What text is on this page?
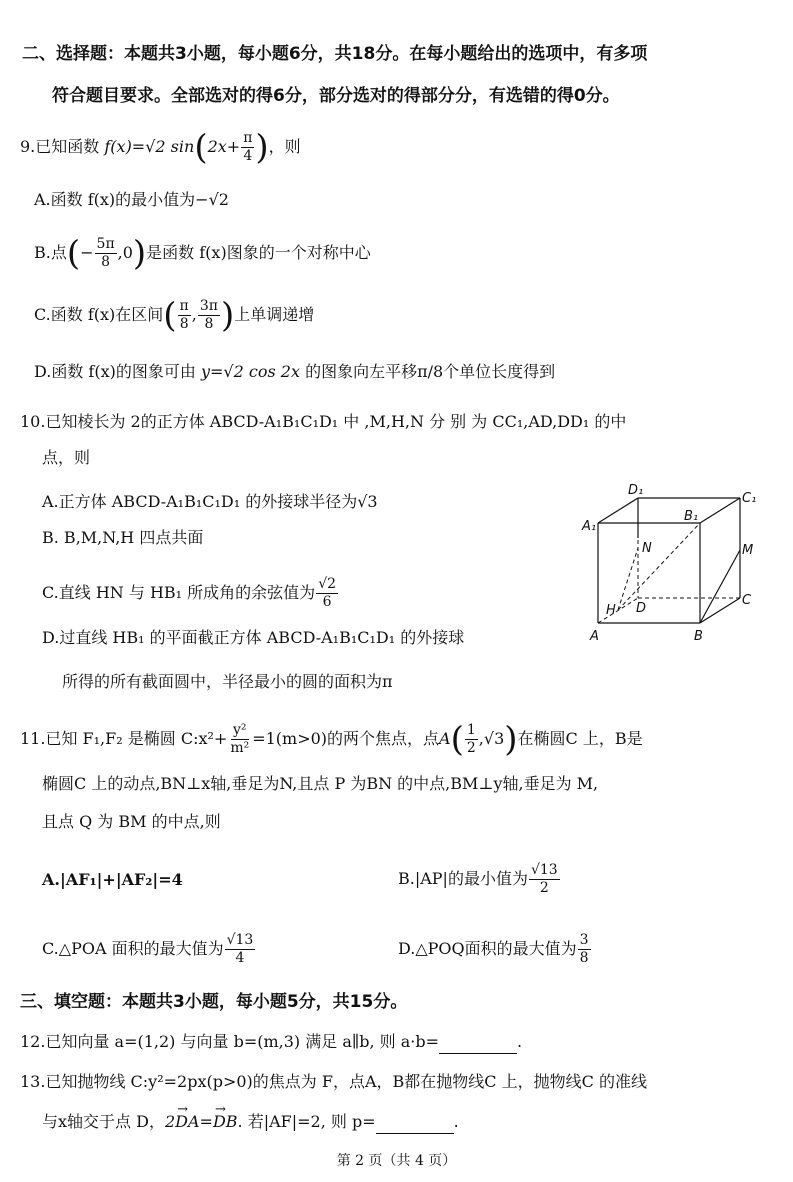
二、选择题：本题共3小题，每小题6分，共18分。在每小题给出的选项中，有多项
符合题目要求。全部选对的得6分，部分选对的得部分分，有选错的得0分。
9.已知函数 f(x)=√2 $\sin(2x+ \frac{\pi}{4}$ )，则
A.函数 f(x)的最小值为−√2
B.点(− $\frac{5\pi}{8} ,0$)是函数 f(x)图象的一个对称中心
C.函数 f(x)在区间( $\frac{\pi}{8}$ , $\frac{3\pi}{8}$ )上单调递增
D.函数 f(x)的图象可由 y=√2 cos 2x 的图象向左平移π/8个单位长度得到
10.已知棱长为 2的正方体 ABCD-A₁B₁C₁D₁ 中 ,M,H,N 分 别 为 CC₁,AD,DD₁ 的中
点，则
A.正方体 ABCD-A₁B₁C₁D₁ 的外接球半径为√3
B. B,M,N,H 四点共面
C.直线 HN 与 HB₁ 所成角的余弦值为 $\frac{√2}{6}$
D.过直线 HB₁ 的平面截正方体 ABCD-A₁B₁C₁D₁ 的外接球
所得的所有截面圆中，半径最小的圆的面积为π
D₁
C₁
A₁
B₁
M
N
C
H D
A	B
11.已知 F₁,F₂ 是椭圆 C:x²+ $\frac{\text{y²}}{\text{m²}} =1(m>0)$的两个焦点，点$A( \frac{1}{2} ,√3)$在椭圆C 上，B是
椭圆C 上的动点,BN⊥x轴,垂足为N,且点 P 为BN 的中点,BM⊥y轴,垂足为 M,
且点 Q 为 BM 的中点,则
A.|AF₁|+|AF₂|=4	B.|AP|的最小值为 $\frac{√13}{2}$
C.△POA 面积的最大值为 $\frac{√13}{4}$	D.△POQ面积的最大值为 $\frac{3}{8}$
三、填空题：本题共3小题，每小题5分，共15分。
12.已知向量 a=(1,2) 与向量 b=(m,3) 满足 a∥b, 则 a·b=	.
13.已知抛物线 C:y²=2px(p>0)的焦点为 F，点A，B都在抛物线C 上，抛物线C 的准线
与x轴交于点 D，2→ DA=→ DB. 若|AF|=2, 则 p=	.
第 2 页（共 4 页）
